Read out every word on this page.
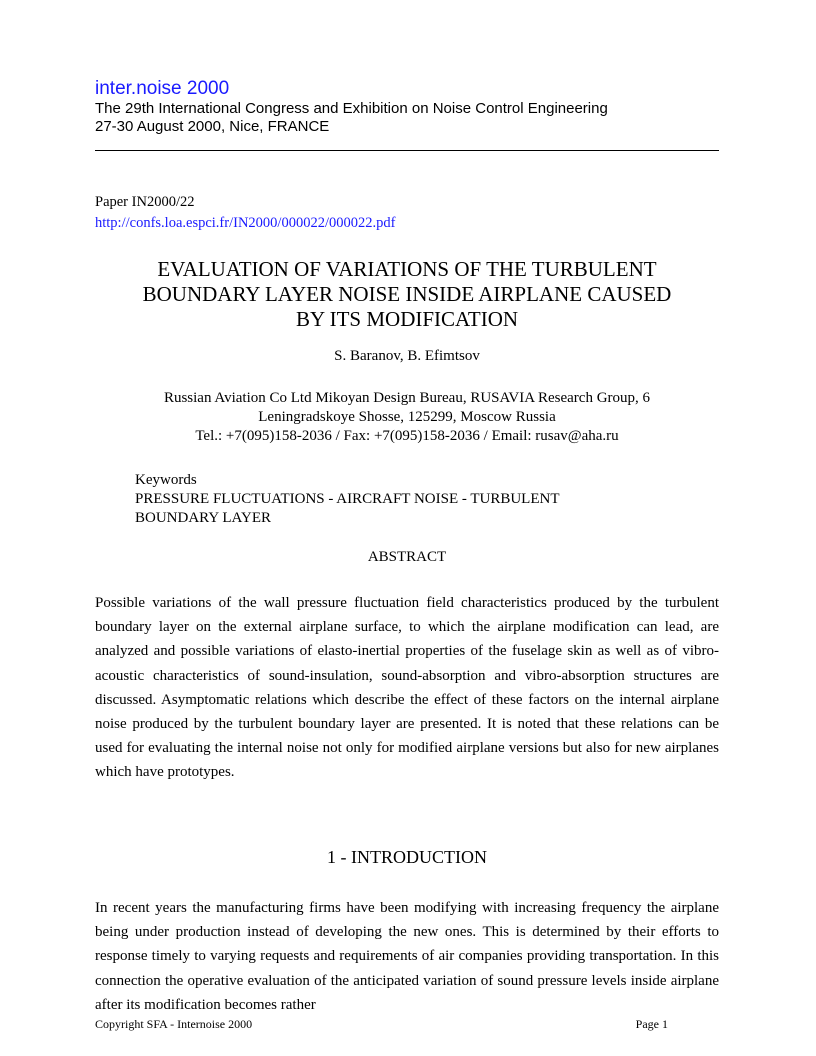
inter.noise 2000
The 29th International Congress and Exhibition on Noise Control Engineering
27-30 August 2000, Nice, FRANCE
Paper IN2000/22
http://confs.loa.espci.fr/IN2000/000022/000022.pdf
EVALUATION OF VARIATIONS OF THE TURBULENT
BOUNDARY LAYER NOISE INSIDE AIRPLANE CAUSED
BY ITS MODIFICATION
S. Baranov, B. Efimtsov
Russian Aviation Co Ltd Mikoyan Design Bureau, RUSAVIA Research Group, 6
Leningradskoye Shosse, 125299, Moscow Russia
Tel.: +7(095)158-2036 / Fax: +7(095)158-2036 / Email: rusav@aha.ru
Keywords
PRESSURE FLUCTUATIONS - AIRCRAFT NOISE - TURBULENT
BOUNDARY LAYER
ABSTRACT

Possible variations of the wall pressure fluctuation field characteristics produced by the turbulent boundary layer on the external airplane surface, to which the airplane modification can lead, are analyzed and possible variations of elasto-inertial properties of the fuselage skin as well as of vibro-acoustic characteristics of sound-insulation, sound-absorption and vibro-absorption structures are discussed. Asymptomatic relations which describe the effect of these factors on the internal airplane noise produced by the turbulent boundary layer are presented. It is noted that these relations can be used for evaluating the internal noise not only for modified airplane versions but also for new airplanes which have prototypes.

1 - INTRODUCTION

In recent years the manufacturing firms have been modifying with increasing frequency the airplane being under production instead of developing the new ones. This is determined by their efforts to response timely to varying requests and requirements of air companies providing transportation. In this connection the operative evaluation of the anticipated variation of sound pressure levels inside airplane after its modification becomes rather

Copyright SFA - Internoise 2000	Page 1
